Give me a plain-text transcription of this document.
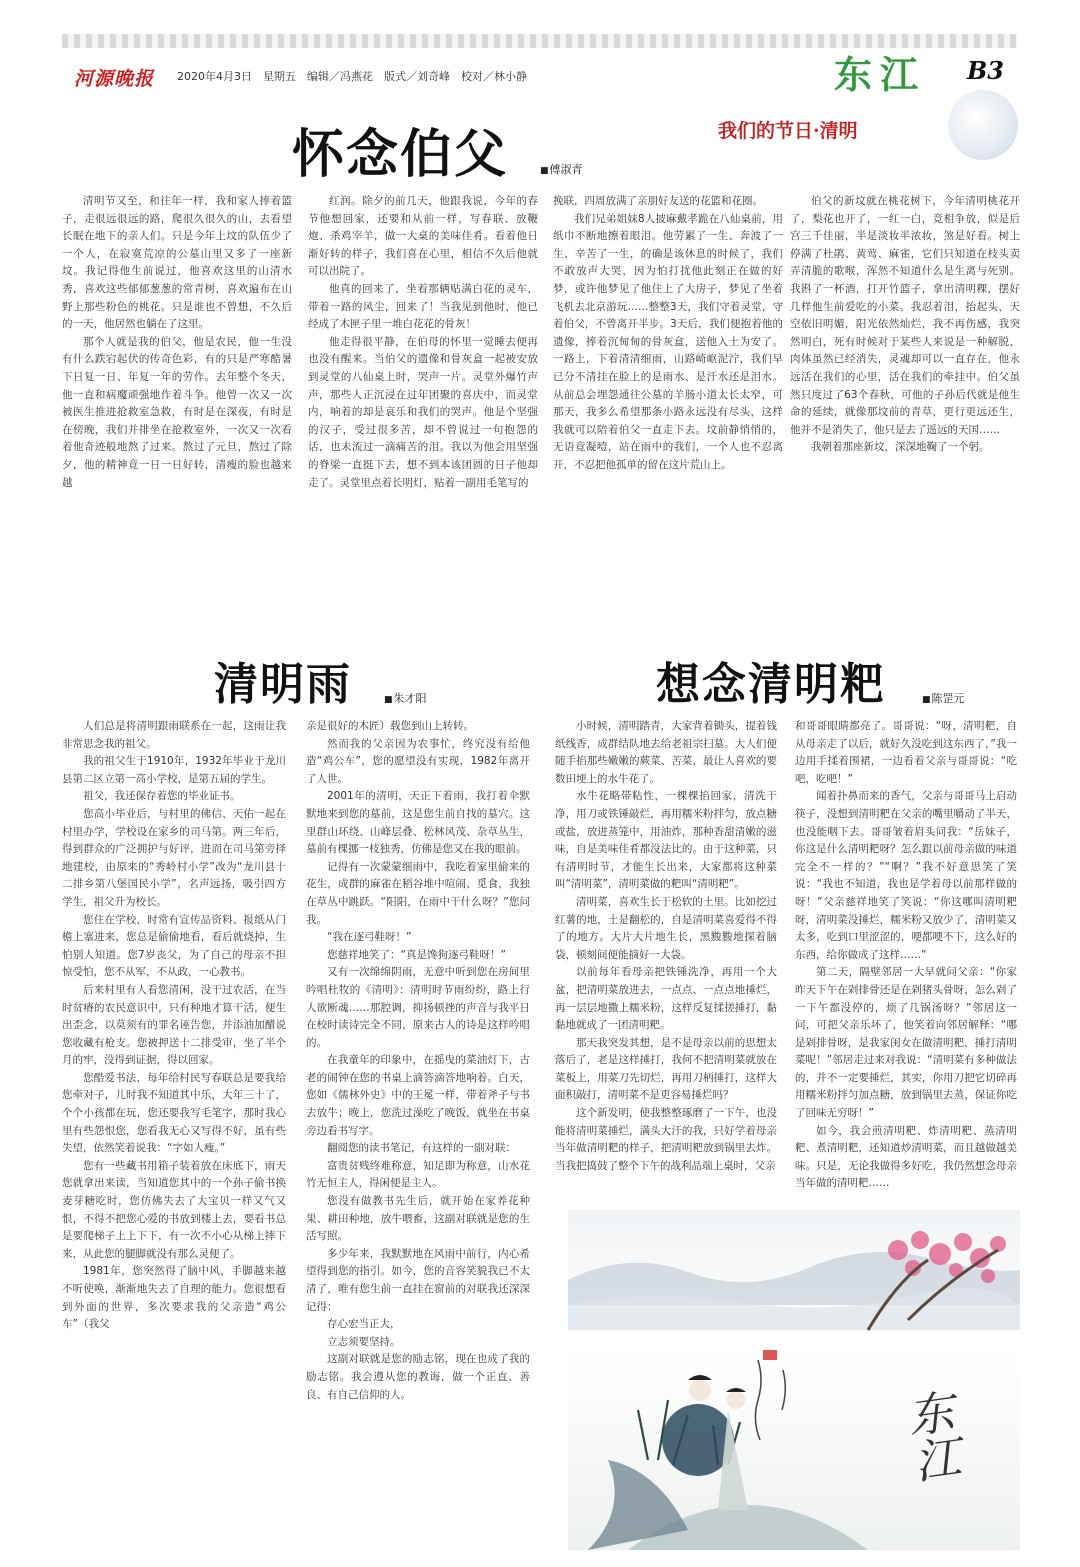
河源晚报 2020年4月3日　星期五　编辑／冯燕花　版式／刘奇峰　校对／林小静	东江 B3
我们的节日·清明
怀念伯父	■ 傅淑青

清明节又至，和往年一样，我和家人捧着篮子，走很远很远的路，爬很久很久的山，去看望长眠在地下的亲人们。只是今年上坟的队伍少了一个人，在寂寞荒凉的公墓山里又多了一座新坟。我记得他生前说过，他喜欢这里的山清水秀，喜欢这些郁郁葱葱的常青树，喜欢遍布在山野上那些粉色的桃花。只是谁也不曾想，不久后的一天，他居然也躺在了这里。

那个人就是我的伯父，他是农民，他一生没有什么跌宕起伏的传奇色彩，有的只是严寒酷暑下日复一日、年复一年的劳作。去年整个冬天，他一直和病魔顽强地作着斗争。他曾一次又一次被医生推进抢救室急救，有时是在深夜，有时是在傍晚，我们并排坐在抢救室外，一次又一次看着他奇迹般地熬了过来。熬过了元旦，熬过了除夕，他的精神竟一日一日好转，清瘦的脸也越来越

红润。除夕的前几天，他跟我说，今年的春节他想回家，还要和从前一样，写春联、放鞭炮、杀鸡宰羊，做一大桌的美味佳肴。看着他日渐好转的样子，我们喜在心里，相信不久后他就可以出院了。

他真的回来了，坐着那辆贴满白花的灵车，带着一路的风尘，回来了！当我见到他时，他已经成了木匣子里一堆白花花的骨灰！

他走得很平静，在伯母的怀里一觉睡去便再也没有醒来。当伯父的遗像和骨灰盒一起被安放到灵堂的八仙桌上时，哭声一片。灵堂外爆竹声声，那些人正沉浸在过年团聚的喜庆中，而灵堂内，响着的却是哀乐和我们的哭声。他是个坚强的汉子，受过很多苦，却不曾说过一句抱怨的话，也未流过一滴痛苦的泪。我以为他会用坚强的脊梁一直挺下去，想不到本该团圆的日子他却走了。灵堂里点着长明灯，贴着一副用毛笔写的

挽联，四周放满了亲朋好友送的花篮和花圈。

我们兄弟姐妹8人披麻戴孝跪在八仙桌前，用纸巾不断地擦着眼泪。他劳累了一生、奔波了一生、辛苦了一生，的确是该休息的时候了，我们不敢放声大哭，因为怕打扰他此刻正在做的好梦，或许他梦见了他住上了大房子，梦见了坐着飞机去北京游玩……整整3天，我们守着灵堂，守着伯父，不曾离开半步。3天后，我们便抱着他的遗像，捧着沉甸甸的骨灰盒，送他入土为安了。一路上，下着清清细雨，山路崎岖泥泞，我们早已分不清挂在脸上的是雨水、是汗水还是泪水。从前总会埋怨通往公墓的羊肠小道太长太窄，可那天，我多么希望那条小路永远没有尽头，这样我就可以陪着伯父一直走下去。坟前静悄悄的，无语竟凝噎，站在雨中的我们，一个人也不忍离开，不忍把他孤单的留在这片荒山上。

伯父的新坟就在桃花树下，今年清明桃花开了，梨花也开了，一红一白，竞相争放，似是后宫三千佳丽，半是淡妆半浓妆，煞是好看。树上停满了杜鹃、黄莺、麻雀，它们只知道在枝头卖弄清脆的歌喉，浑然不知道什么是生离与死别。我斟了一杯酒，打开竹篮子，拿出清明粿，摆好几样他生前爱吃的小菜。我忍着泪，抬起头，天空依旧明媚，阳光依然灿烂，我不再伤感，我突然明白，死有时候对于某些人来说是一种解脱，肉体虽然已经消失，灵魂却可以一直存在，他永远活在我们的心里，活在我们的牵挂中。伯父虽然只度过了63个春秋，可他的子孙后代就是他生命的延续，就像那坟前的青草，更行更远还生，他并不是消失了，他只是去了遥远的天国……

我朝着那座新坟，深深地鞠了一个躬。

清明雨	■ 朱才阳

人们总是将清明跟雨联系在一起，这雨让我非常思念我的祖父。

我的祖父生于1910年，1932年毕业于龙川县第二区立第一高小学校，是第五届的学生。

祖父，我还保存着您的毕业证书。

您高小毕业后，与村里的佛信、天佑一起在村里办学，学校设在家乡的司马第。两三年后，得到群众的广泛拥护与好评，进而在司马第旁择地建校，由原来的“秀岭村小学”改为“龙川县十二排乡第八堡国民小学”，名声远扬，吸引四方学生，祖父升为校长。

您住在学校，时常有宣传品资料、报纸从门檐上塞进来，您总是偷偷地看，看后就烧掉，生怕别人知道。您7岁丧父，为了自己的母亲不担惊受怕，您不从军，不从政，一心教书。

后来村里有人看您清闲，没干过农活，在当时贫瘠的农民意识中，只有种地才算干活，便生出歪念，以莫须有的罪名诬告您，并添油加醋说您收藏有枪支。您被押送十二排受审，坐了半个月的牢，没得到证据，得以回家。

您酷爱书法，每年给村民写春联总是要我给您牵对子，儿时我不知道其中乐，大年三十了，个个小孩都在玩，您还要我写毛笔字，那时我心里有些怨恨您，您看我无心又写得不好，虽有些失望，依然笑着说我：“字如人瘦。”

您有一些藏书用箱子装着放在床底下，雨天您就拿出来读，当知道您其中的一个孙子偷书换麦芽糖吃时，您仿佛失去了大宝贝一样又气又恨，不得不把您心爱的书放到楼上去，要看书总是要爬梯子上上下下，有一次不小心从梯上摔下来，从此您的腿脚就没有那么灵便了。

1981年，您突然得了脑中风，手脚越来越不听使唤，渐渐地失去了自理的能力。您很想看到外面的世界，多次要求我的父亲造“鸡公车”（我父

亲是很好的木匠）载您到山上转转。

然而我的父亲因为农事忙，终究没有给他造“鸡公车”，您的愿望没有实现，1982年离开了人世。

2001年的清明，天正下着雨，我打着伞默默地来到您的墓前，这是您生前自找的墓穴。这里群山环绕、山峰层叠、松林风茂、杂草丛生，墓前有棵挪一枝独秀，仿佛是您又在我的眼前。

记得有一次蒙蒙细雨中，我吃着家里偷来的花生，成群的麻雀在稻谷堆中喧闹、觅食，我独在草丛中跳跃。“阳阳，在雨中干什么呀？”您问我。

“我在逐弓鞋呀！”

您慈祥地笑了：“真是馋狗逐弓鞋呀！”

又有一次绵绵阴雨，无意中听到您在房间里吟唱杜牧的《清明》：清明时节雨纷纷，路上行人欲断魂……那腔调，抑扬顿挫的声音与我平日在校时读诗完全不同，原来古人的诗是这样吟唱的。

在我童年的印象中，在摇曳的菜油灯下，古老的闹钟在您的书桌上滴答滴答地响着。白天，您如《儒林外史》中的王冕一样，带着斧子与书去放牛；晚上，您洗过澡吃了晚饭，就坐在书桌旁边看书写字。

翻阅您的读书笔记，有这样的一副对联：

富贵贫贱终难称意，知足即为称意，山水花竹无恒主人，得闲便是主人。

您没有做教书先生后，就开始在家养花种果、耕田种地，放牛喂畜，这副对联就是您的生活写照。

多少年来，我默默地在风雨中前行，内心希望得到您的指引。如今，您的音容笑貌我已不太清了，唯有您生前一直挂在窗前的对联我还深深记得：

存心宏当正大，

立志须要坚持。

这副对联就是您的励志铭，现在也成了我的励志铭。我会遵从您的教诲，做一个正直、善良、有自己信仰的人。

想念清明粑	■ 陈罡元

小时候，清明踏青，大家背着锄头，提着钱纸线香，成群结队地去给老祖宗扫墓。大人们便随手掐那些嫩嫩的蕨菜、苦菜，最让人喜欢的要数田埂上的水牛花了。

水牛花略带粘性，一棵棵掐回家，清洗干净，用刀或铁锤敲烂，再用糯米粉拌匀，放点糖或盐，放进蒸笼中，用油炸，那种香甜清嫩的滋味，自是美味佳肴都没法比的。由于这种菜，只有清明时节，才能生长出来，大家都将这种菜叫“清明菜”，清明菜做的粑叫“清明粑”。

清明菜，喜欢生长于松软的土里。比如挖过红薯的地，土是翻松的，自是清明菜喜爱得不得了的地方。大片大片地生长，黑黢黢地探着脑袋，顿刻间便能摘好一大袋。

以前每年看母亲把铁锤洗净，再用一个大盆，把清明菜放进去，一点点、一点点地捶烂，再一层层地撒上糯米粉，这样反复揉搓捶打，黏黏地就成了一团清明粑。

那天我突发其想，是不是母亲以前的思想太落后了，老是这样捶打，我何不把清明菜就放在菜板上，用菜刀先切烂，再用刀柄捶打，这样大面积敲打，清明菜不是更容易捶烂吗？

这个新发明，使我整整琢磨了一下午，也没能将清明菜捶烂，满头大汗的我，只好学着母亲当年做清明粑的样子，把清明粑放到锅里去炸。当我把捣鼓了整个下午的战利品端上桌时，父亲

和哥哥眼睛都亮了。哥哥说：“呀，清明粑，自从母亲走了以后，就好久没吃到这东西了，”我一边用手揉着围裙，一边看着父亲与哥哥说：“吃吧，吃吧！”

闻着扑鼻而来的香气，父亲与哥哥马上启动筷子，没想到清明粑在父亲的嘴里嚼动了半天，也没能咽下去。哥哥皱着眉头问我：“岳妹子，你这是什么清明粑呀？怎么跟以前母亲做的味道完全不一样的？”“啊？”我不好意思笑了笑说：“我也不知道，我也是学着母以前那样做的呀！”父亲慈祥地笑了笑说：“你这哪叫清明粑呀，清明菜没捶烂，糯米粉又放少了，清明菜又太多，吃到口里涩涩的，哽都哽不下，这么好的东西，给你做成了这样……”

第二天，隔壁邻居一大早就问父亲：“你家昨天下午在剁排骨还是在剁猪头骨呀，怎么剁了一下午都没停的，烦了几锅汤呀？”邻居这一问，可把父亲乐坏了，他笑着向邻居解释：“哪是剁排骨呀，是我家闺女在做清明粑，捶打清明菜呢！”邻居走过来对我说：“清明菜有多种做法的，并不一定要捶烂，其实，你用刀把它切碎再用糯米粉拌匀加点糖，放到锅里去蒸，保证你吃了回味无穷呀！”

如今，我会煎清明粑、炸清明粑、蒸清明粑、煮清明粑，还知道炒清明菜，而且越做越美味。只是，无论我做得多好吃，我仍然想念母亲当年做的清明粑……

东江
